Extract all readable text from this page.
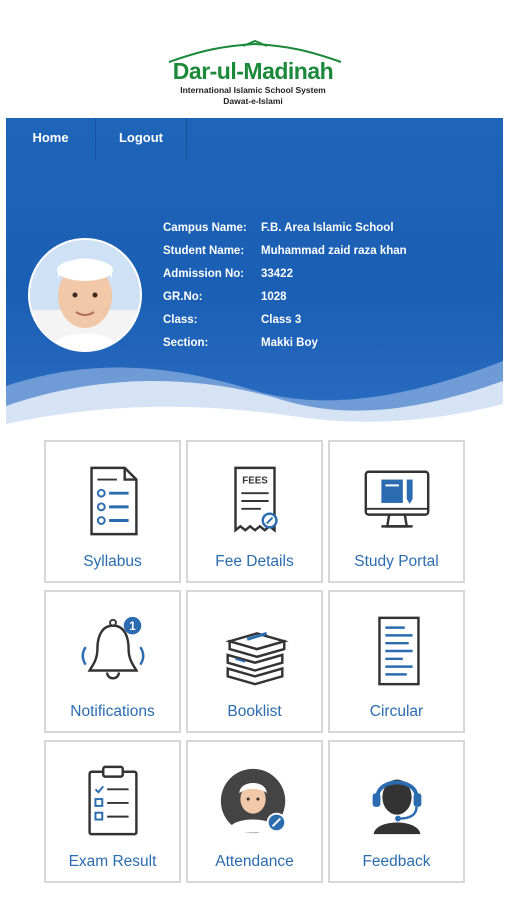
Dar-ul-Madinah
International Islamic School System
Dawat-e-Islami
Home	Logout
Campus Name:	F.B. Area Islamic School
Student Name:	Muhammad zaid raza khan
Admission No:	33422
GR.No:	1028
Class:	Class 3
Section:	Makki Boy
Syllabus
FEES
Fee Details	Study Portal
1
Notifications	Booklist	Circular
Exam Result	Attendance	Feedback
